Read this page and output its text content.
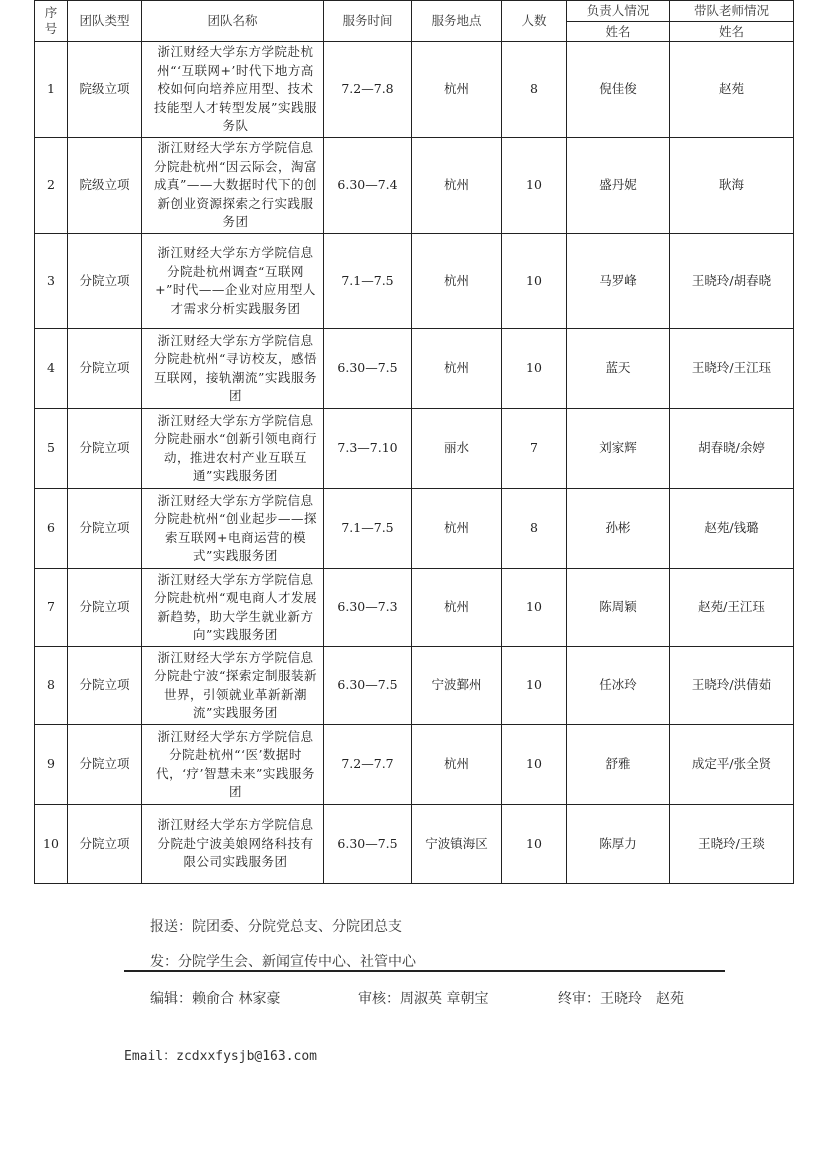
序号	团队类型	团队名称	服务时间	服务地点	人数	负责人情况	带队老师情况
						姓名	姓名
1	院级立项	浙江财经大学东方学院赴杭州“‘互联网+’时代下地方高校如何向培养应用型、技术技能型人才转型发展”实践服务队	7.2—7.8	杭州	8	倪佳俊	赵苑
2	院级立项	浙江财经大学东方学院信息分院赴杭州“因云际会，淘富成真”——大数据时代下的创新创业资源探索之行实践服务团	6.30—7.4	杭州	10	盛丹妮	耿海
3	分院立项	浙江财经大学东方学院信息分院赴杭州调查“互联网+”时代——企业对应用型人才需求分析实践服务团	7.1—7.5	杭州	10	马罗峰	王晓玲/胡春晓
4	分院立项	浙江财经大学东方学院信息分院赴杭州“寻访校友，感悟互联网，接轨潮流”实践服务团	6.30—7.5	杭州	10	蓝天	王晓玲/王江珏
5	分院立项	浙江财经大学东方学院信息分院赴丽水“创新引领电商行动，推进农村产业互联互通”实践服务团	7.3—7.10	丽水	7	刘家辉	胡春晓/余婷
6	分院立项	浙江财经大学东方学院信息分院赴杭州“创业起步——探索互联网+电商运营的模式”实践服务团	7.1—7.5	杭州	8	孙彬	赵苑/钱璐
7	分院立项	浙江财经大学东方学院信息分院赴杭州“观电商人才发展新趋势，助大学生就业新方向”实践服务团	6.30—7.3	杭州	10	陈周颖	赵苑/王江珏
8	分院立项	浙江财经大学东方学院信息分院赴宁波“探索定制服装新世界，引领就业革新新潮流”实践服务团	6.30—7.5	宁波鄞州	10	任冰玲	王晓玲/洪倩茹
9	分院立项	浙江财经大学东方学院信息分院赴杭州“‘医’数据时代，‘疗’智慧未来”实践服务团	7.2—7.7	杭州	10	舒雅	成定平/张全贤
10	分院立项	浙江财经大学东方学院信息分院赴宁波美娘网络科技有限公司实践服务团	6.30—7.5	宁波镇海区	10	陈厚力	王晓玲/王琰
报送：院团委、分院党总支、分院团总支
发：分院学生会、新闻宣传中心、社管中心
编辑：赖俞合 林家豪	审核：周淑英 章朝宝	终审：王晓玲　赵苑
Email：zcdxxfysjb@163.com
